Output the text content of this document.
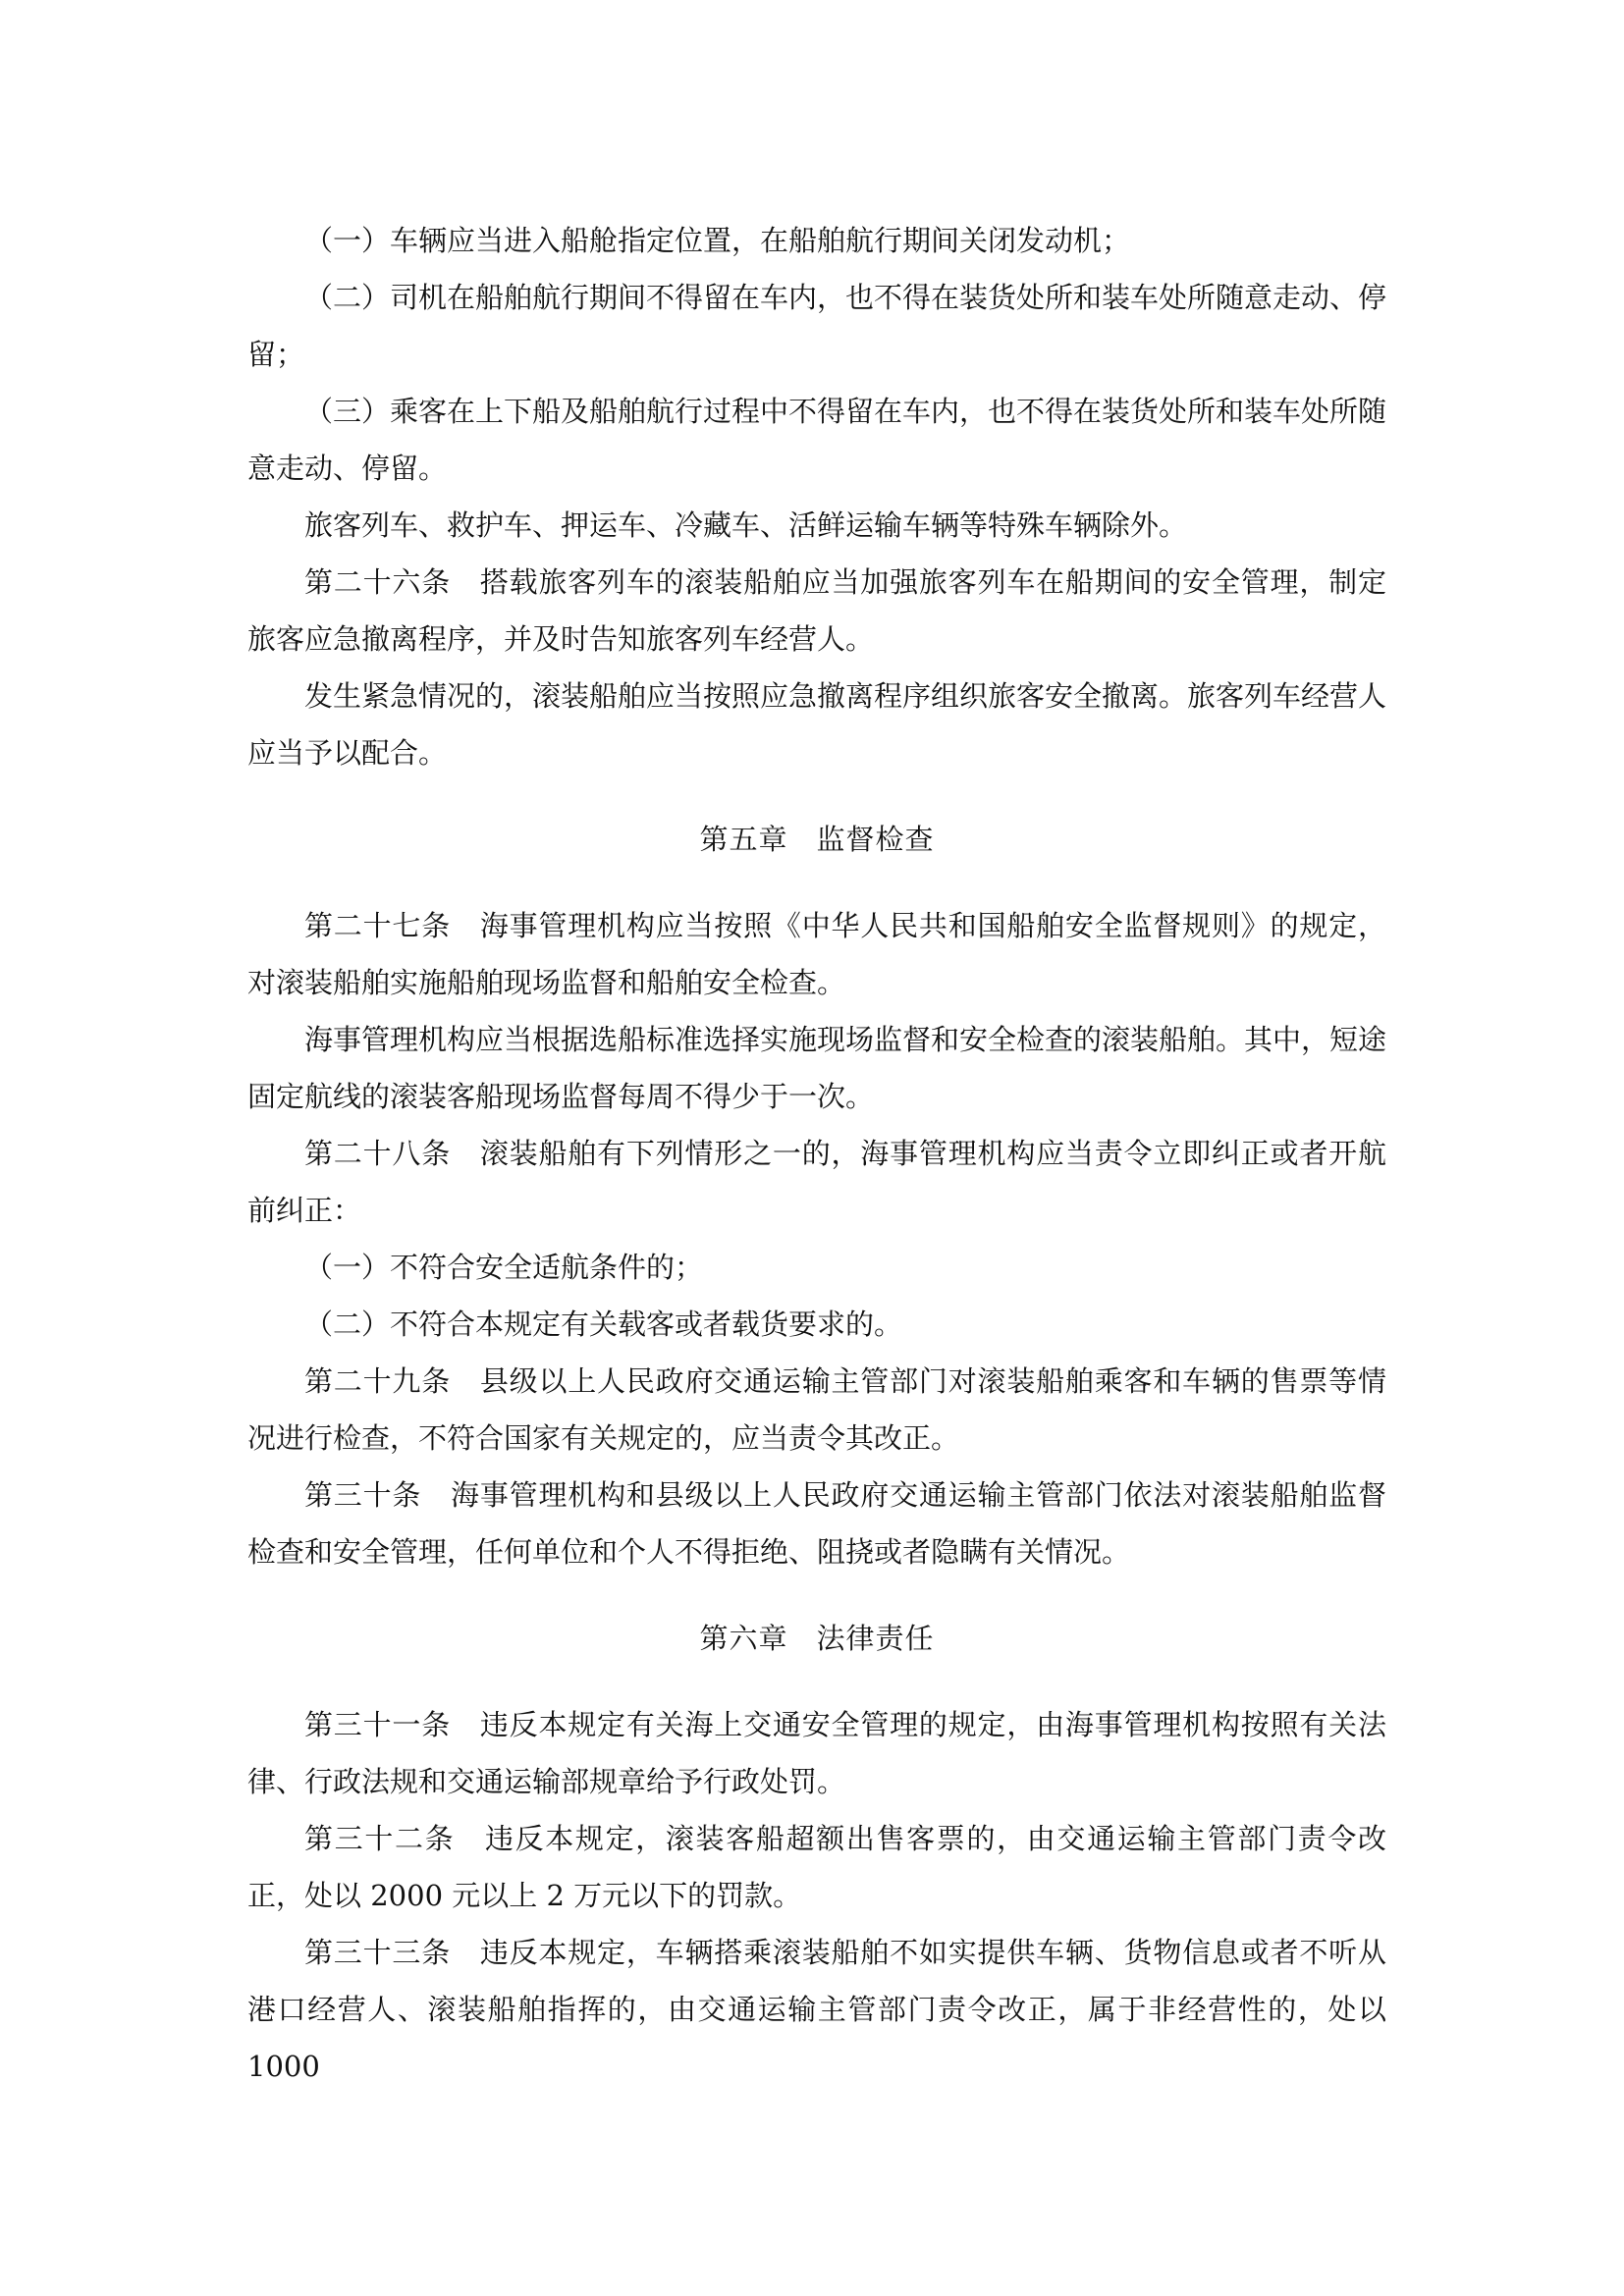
（一）车辆应当进入船舱指定位置，在船舶航行期间关闭发动机；

（二）司机在船舶航行期间不得留在车内，也不得在装货处所和装车处所随意走动、停留；

（三）乘客在上下船及船舶航行过程中不得留在车内，也不得在装货处所和装车处所随意走动、停留。

旅客列车、救护车、押运车、冷藏车、活鲜运输车辆等特殊车辆除外。

第二十六条 搭载旅客列车的滚装船舶应当加强旅客列车在船期间的安全管理，制定旅客应急撤离程序，并及时告知旅客列车经营人。

发生紧急情况的，滚装船舶应当按照应急撤离程序组织旅客安全撤离。旅客列车经营人应当予以配合。

第五章 监督检查

第二十七条 海事管理机构应当按照《中华人民共和国船舶安全监督规则》的规定，对滚装船舶实施船舶现场监督和船舶安全检查。

海事管理机构应当根据选船标准选择实施现场监督和安全检查的滚装船舶。其中，短途固定航线的滚装客船现场监督每周不得少于一次。

第二十八条 滚装船舶有下列情形之一的，海事管理机构应当责令立即纠正或者开航前纠正：

（一）不符合安全适航条件的；

（二）不符合本规定有关载客或者载货要求的。

第二十九条 县级以上人民政府交通运输主管部门对滚装船舶乘客和车辆的售票等情况进行检查，不符合国家有关规定的，应当责令其改正。

第三十条 海事管理机构和县级以上人民政府交通运输主管部门依法对滚装船舶监督检查和安全管理，任何单位和个人不得拒绝、阻挠或者隐瞒有关情况。

第六章 法律责任

第三十一条 违反本规定有关海上交通安全管理的规定，由海事管理机构按照有关法律、行政法规和交通运输部规章给予行政处罚。

第三十二条 违反本规定，滚装客船超额出售客票的，由交通运输主管部门责令改正，处以 2000 元以上 2 万元以下的罚款。

第三十三条 违反本规定，车辆搭乘滚装船舶不如实提供车辆、货物信息或者不听从港口经营人、滚装船舶指挥的，由交通运输主管部门责令改正，属于非经营性的，处以 1000
